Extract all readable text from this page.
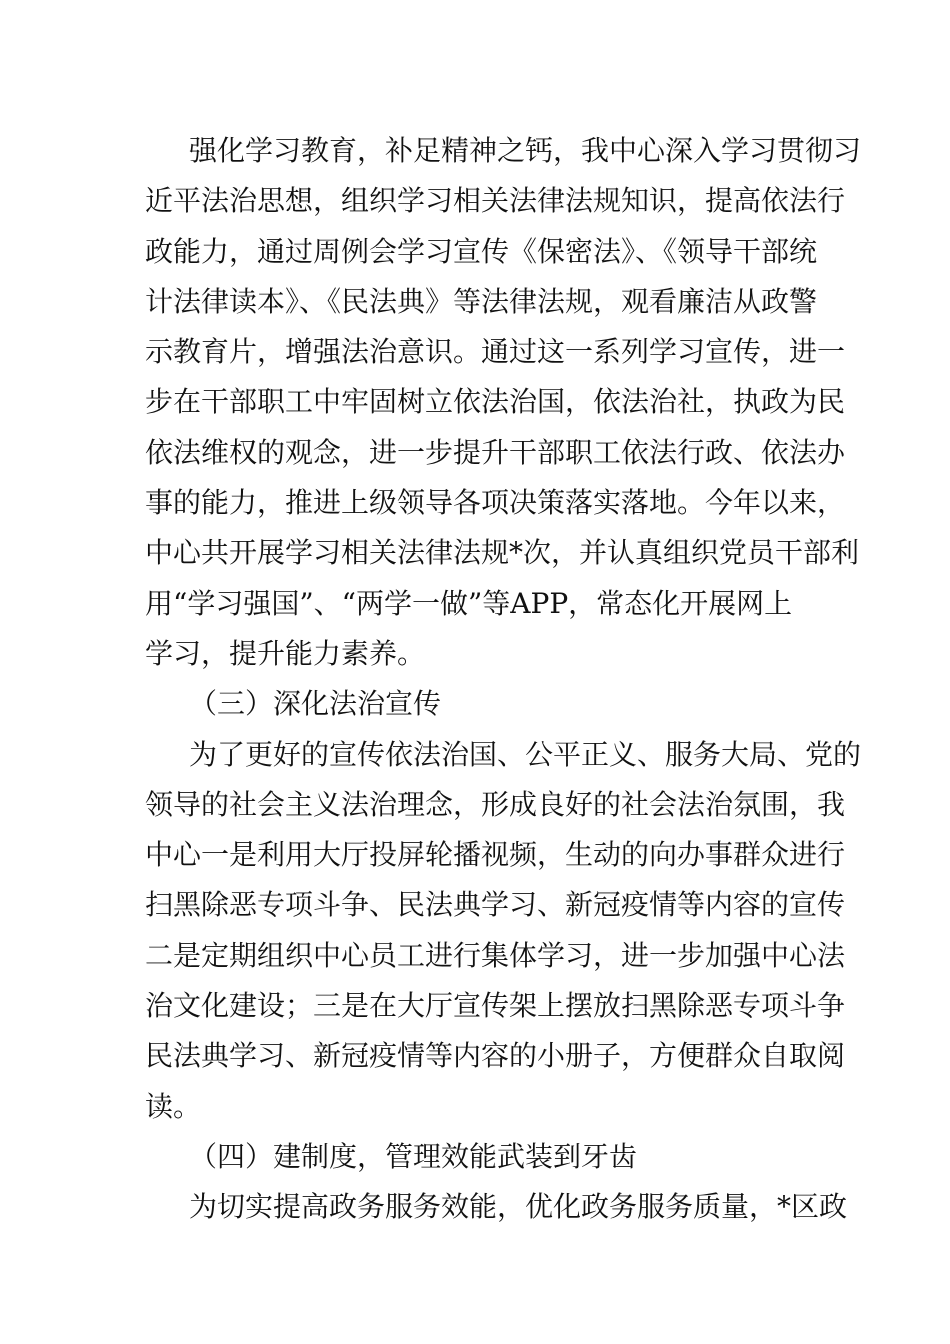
强化学习教育，补足精神之钙，我中心深入学习贯彻习
近平法治思想，组织学习相关法律法规知识，提高依法行
政能力，通过周例会学习宣传《保密法》、《领导干部统
计法律读本》、《民法典》等法律法规，观看廉洁从政警
示教育片，增强法治意识。通过这一系列学习宣传，进一
步在干部职工中牢固树立依法治国，依法治社，执政为民
依法维权的观念，进一步提升干部职工依法行政、依法办
事的能力，推进上级领导各项决策落实落地。今年以来，
中心共开展学习相关法律法规*次，并认真组织党员干部利
用“学习强国”、“两学一做”等APP，常态化开展网上
学习，提升能力素养。
（三）深化法治宣传
为了更好的宣传依法治国、公平正义、服务大局、党的
领导的社会主义法治理念，形成良好的社会法治氛围，我
中心一是利用大厅投屏轮播视频，生动的向办事群众进行
扫黑除恶专项斗争、民法典学习、新冠疫情等内容的宣传
二是定期组织中心员工进行集体学习，进一步加强中心法
治文化建设；三是在大厅宣传架上摆放扫黑除恶专项斗争
民法典学习、新冠疫情等内容的小册子，方便群众自取阅
读。
（四）建制度，管理效能武装到牙齿
为切实提高政务服务效能，优化政务服务质量，*区政
